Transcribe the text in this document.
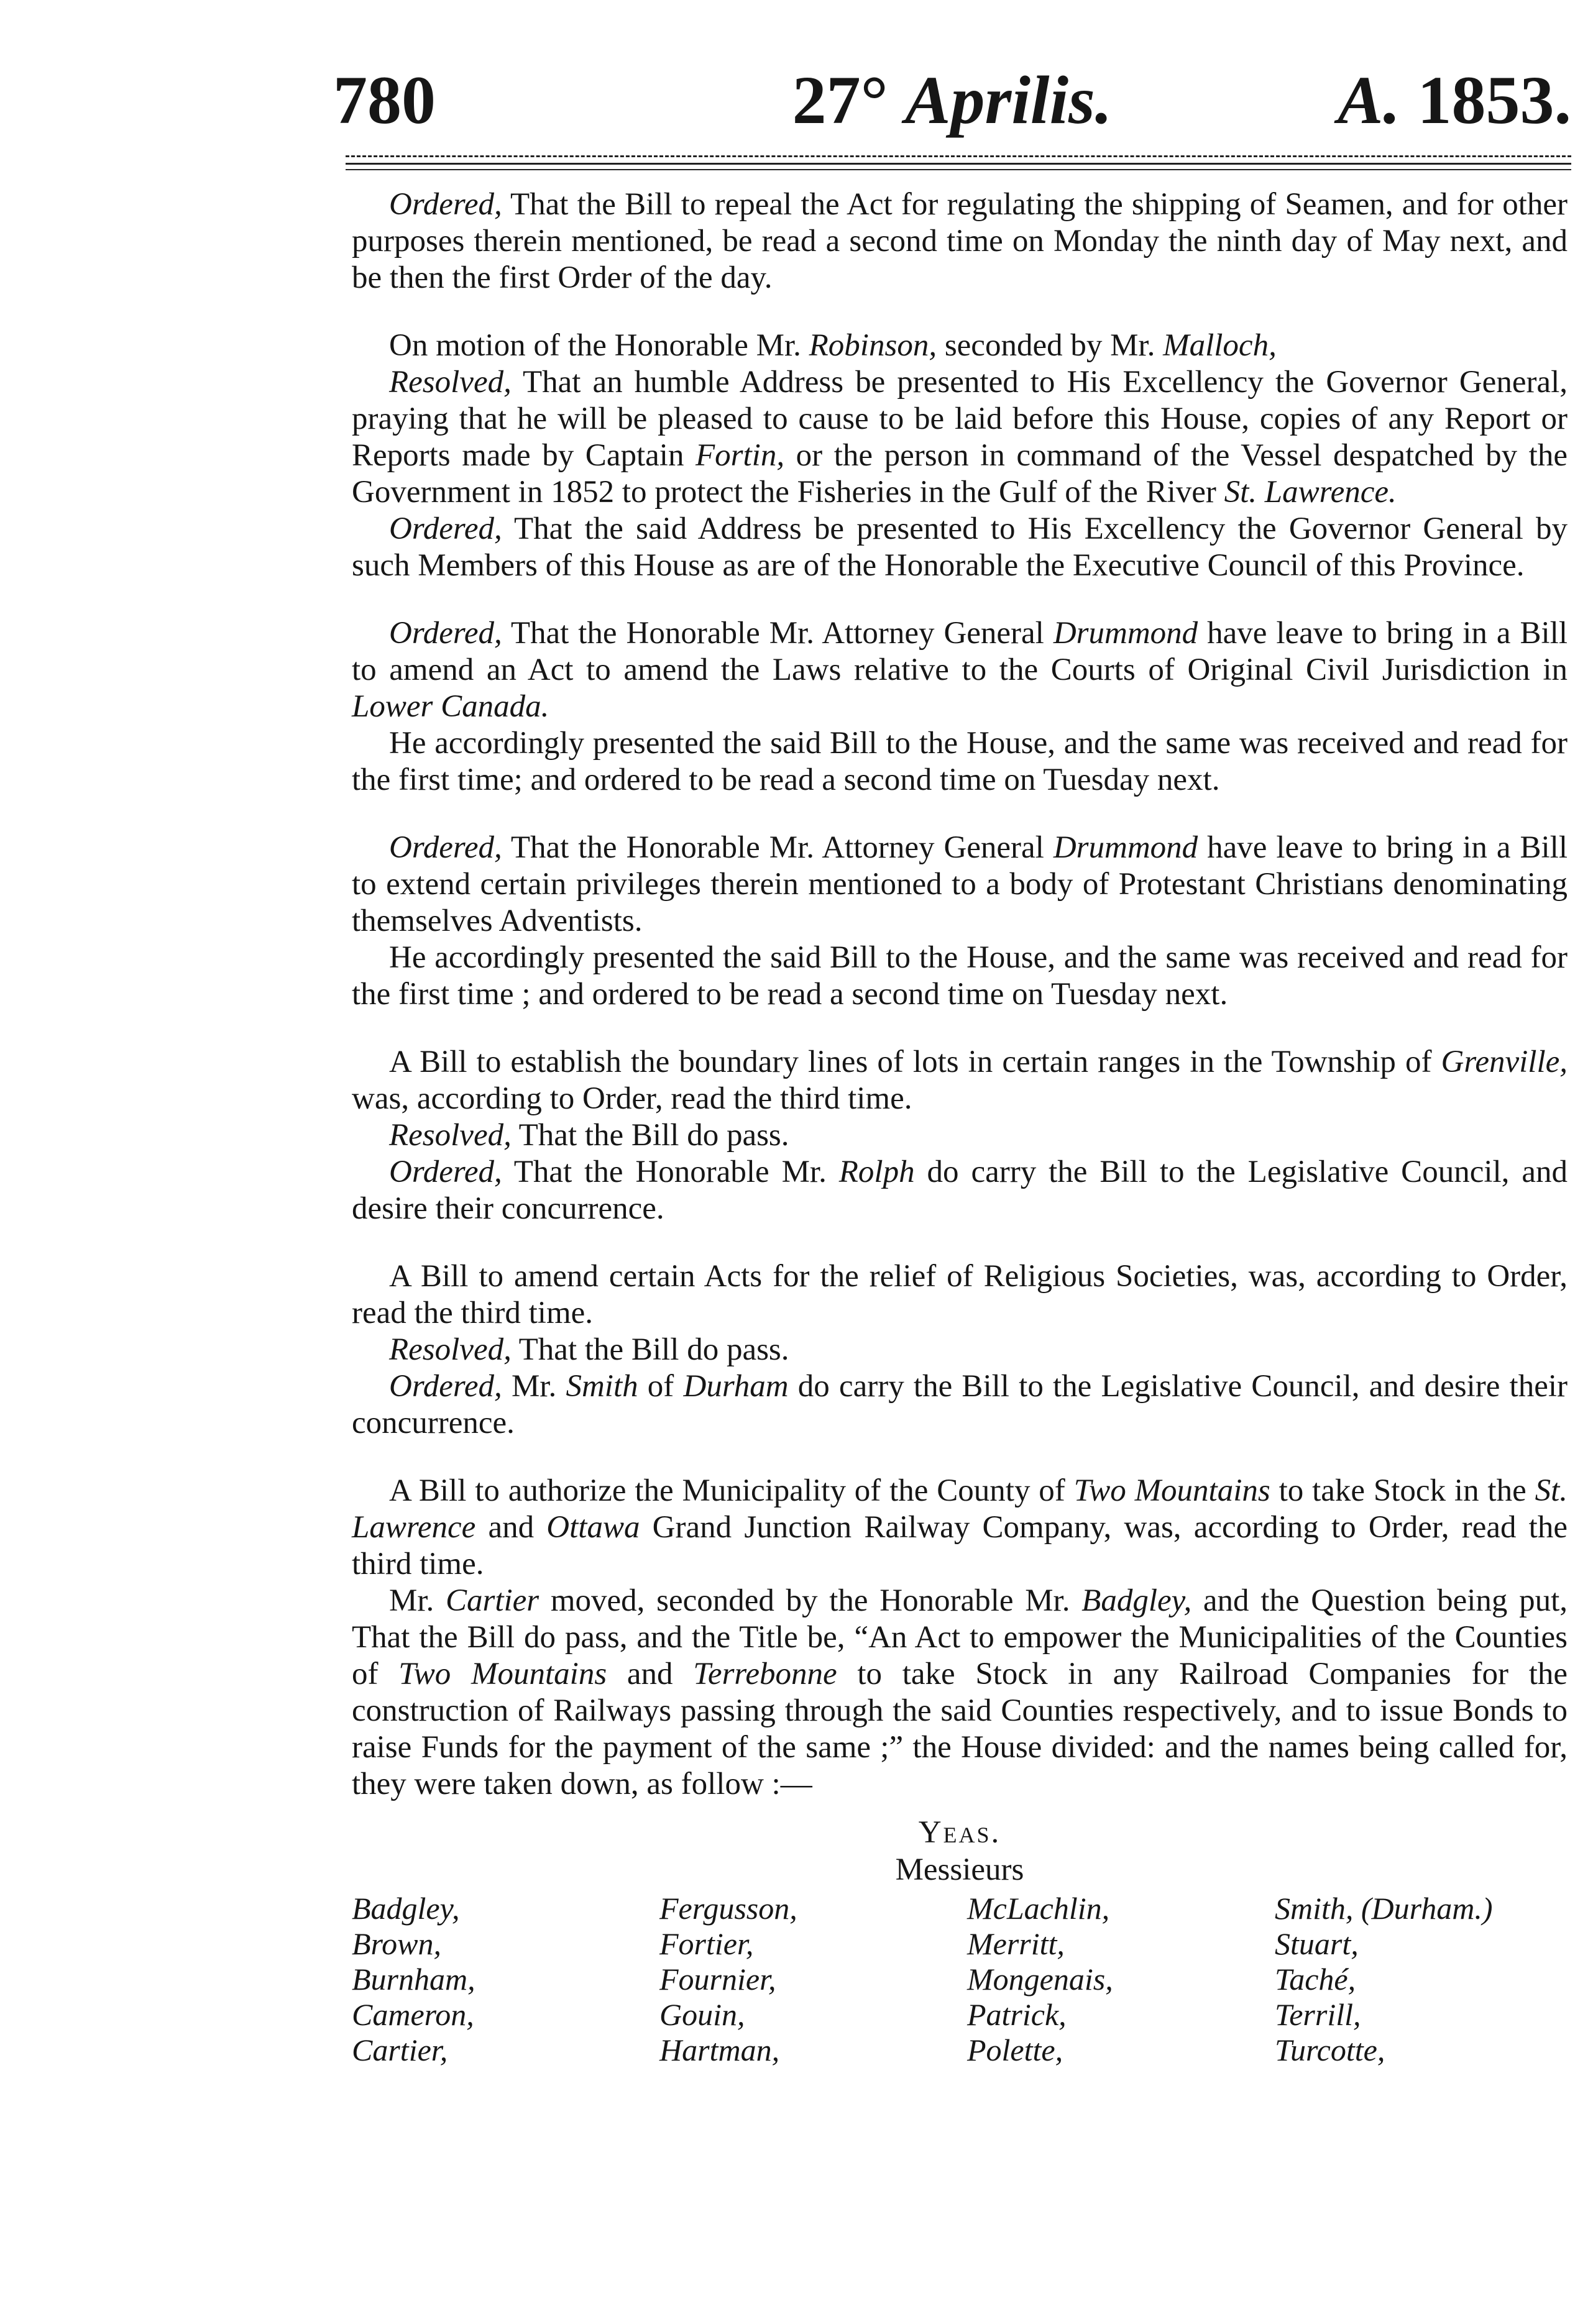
780	27° Aprilis.	A. 1853.

Ordered, That the Bill to repeal the Act for regulating the shipping of Seamen, and for other purposes therein mentioned, be read a second time on Monday the ninth day of May next, and be then the first Order of the day.

On motion of the Honorable Mr. Robinson, seconded by Mr. Malloch,

Resolved, That an humble Address be presented to His Excellency the Governor General, praying that he will be pleased to cause to be laid before this House, copies of any Report or Reports made by Captain Fortin, or the person in command of the Vessel despatched by the Government in 1852 to protect the Fisheries in the Gulf of the River St. Lawrence.

Ordered, That the said Address be presented to His Excellency the Governor General by such Members of this House as are of the Honorable the Executive Council of this Province.

Ordered, That the Honorable Mr. Attorney General Drummond have leave to bring in a Bill to amend an Act to amend the Laws relative to the Courts of Original Civil Jurisdiction in Lower Canada.

He accordingly presented the said Bill to the House, and the same was received and read for the first time; and ordered to be read a second time on Tuesday next.

Ordered, That the Honorable Mr. Attorney General Drummond have leave to bring in a Bill to extend certain privileges therein mentioned to a body of Protestant Christians denominating themselves Adventists.

He accordingly presented the said Bill to the House, and the same was received and read for the first time ; and ordered to be read a second time on Tuesday next.

A Bill to establish the boundary lines of lots in certain ranges in the Township of Grenville, was, according to Order, read the third time.

Resolved, That the Bill do pass.

Ordered, That the Honorable Mr. Rolph do carry the Bill to the Legislative Council, and desire their concurrence.

A Bill to amend certain Acts for the relief of Religious Societies, was, according to Order, read the third time.

Resolved, That the Bill do pass.

Ordered, Mr. Smith of Durham do carry the Bill to the Legislative Council, and desire their concurrence.

A Bill to authorize the Municipality of the County of Two Mountains to take Stock in the St. Lawrence and Ottawa Grand Junction Railway Company, was, according to Order, read the third time.

Mr. Cartier moved, seconded by the Honorable Mr. Badgley, and the Question being put, That the Bill do pass, and the Title be, “An Act to empower the Municipalities of the Counties of Two Mountains and Terrebonne to take Stock in any Railroad Companies for the construction of Railways passing through the said Counties respectively, and to issue Bonds to raise Funds for the payment of the same ;” the House divided: and the names being called for, they were taken down, as follow :—

Yeas.

Messieurs

Badgley,
Brown,
Burnham,
Cameron,
Cartier,
Fergusson,
Fortier,
Fournier,
Gouin,
Hartman,
McLachlin,
Merritt,
Mongenais,
Patrick,
Polette,
Smith, (Durham.)
Stuart,
Taché,
Terrill,
Turcotte,
